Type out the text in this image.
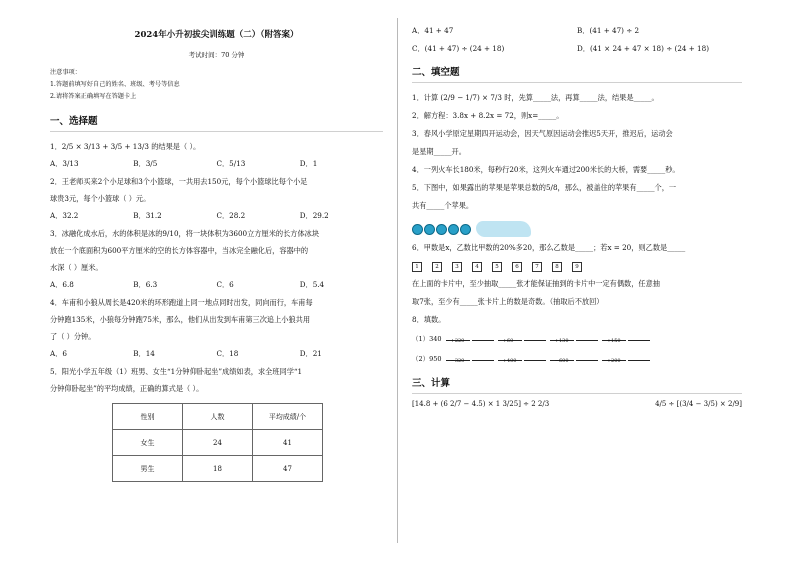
2024年小升初拔尖训练题（二）（附答案）
考试时间：70 分钟
注意事项：
1.答题前填写好自己的姓名、班级、考号等信息
2.请将答案正确填写在答题卡上
一、选择题
1．2/5 × 3/13 + 3/5 + 13/3 的结果是（ ）。
A．3/13	B．3/5	C．5/13	D．1
2．王老师买来2个小足球和3个小篮球，一共用去150元，每个小篮球比每个小足
球贵3元，每个小篮球（ ）元。
A．32.2	B．31.2	C．28.2	D．29.2
3．冰融化成水后，水的体积是冰的9/10，将一块体积为3600立方厘米的长方体冰块
放在一个底面积为600平方厘米的空的长方体容器中，当冰完全融化后，容器中的
水深（ ）厘米。
A．6.8	B．6.3	C．6	D．5.4
4．车甫和小狼从周长是420米的环形跑道上同一地点同时出发，同向而行，车甫每
分钟跑135米，小狼每分钟跑75米，那么，他们从出发到车甫第三次追上小狼共用
了（ ）分钟。
A．6	B．14	C．18	D．21
5．阳光小学五年级（1）班男、女生“1分钟仰卧起坐”成绩如表，求全班同学“1
分钟仰卧起坐”的平均成绩，正确的算式是（ ）。
性别	人数	平均成绩/个
女生	24	41
男生	18	47
A．41 + 47	B．(41 + 47) ÷ 2
C．(41 + 47) ÷ (24 + 18)	D．(41 × 24 + 47 × 18) ÷ (24 + 18)
二、填空题
1．计算 (2/9 − 1/7) × 7/3 时，先算_____法，再算_____法，结果是_____。
2．解方程：3.8x + 8.2x = 72，则x=_____。
3．春风小学原定星期四开运动会，因天气原因运动会推迟5天开，推迟后，运动会
是星期_____开。
4．一列火车长180米，每秒行20米，这列火车通过200米长的大桥，需要_____秒。
5．下图中，如果露出的苹果是苹果总数的5/8，那么，被盖住的苹果有_____个，一
共有_____个苹果。
6．甲数是x，乙数比甲数的20%多20，那么乙数是_____；若x = 20，则乙数是_____
1	2	3	4	5	6	7	8	9
在上面的卡片中，至少抽取_____张才能保证抽到的卡片中一定有偶数，任意抽
取7张，至少有_____张卡片上的数是奇数。（抽取后不放回）
8．填数。
（1）340 +220
	+60
	+130
	+150
（2）950 −320
	+400
	−600
	+200
三、计算
[14.8 + (6 2/7 − 4.5) × 1 3/25] ÷ 2 2/3	4/5 ÷ [(3/4 − 3/5) × 2/9]
